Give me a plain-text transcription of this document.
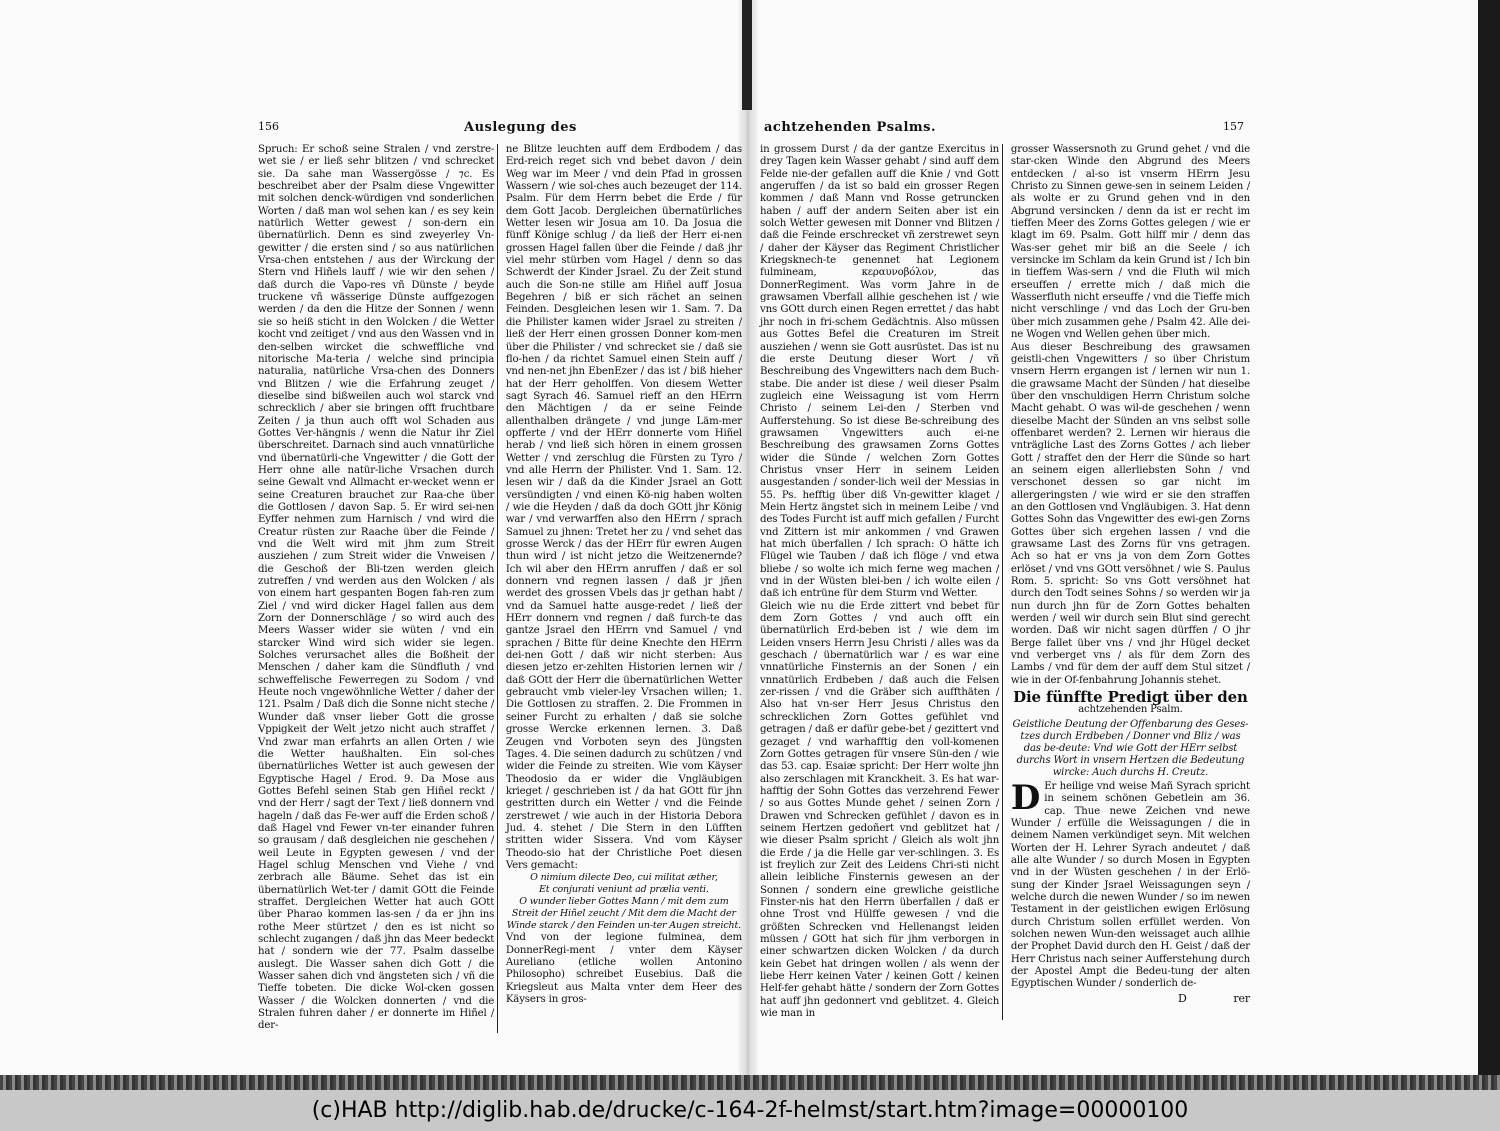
156	Auslegung des

Spruch: Er schoß seine Stralen / vnd zerstre-wet sie / er ließ sehr blitzen / vnd schrecket sie. Da sahe man Wassergösse / ⁊c. Es beschreibet aber der Psalm diese Vngewitter mit solchen denck-würdigen vnd sonderlichen Worten / daß man wol sehen kan / es sey kein natürlich Wetter gewest / son-dern ein übernatürlich. Denn es sind zweyerley Vn-gewitter / die ersten sind / so aus natürlichen Vrsa-chen entstehen / aus der Wirckung der Stern vnd Hiñels lauff / wie wir den sehen / daß durch die Vapo-res vñ Dünste / beyde truckene vñ wässerige Dünste auffgezogen werden / da den die Hitze der Sonnen / wenn sie so heiß sticht in den Wolcken / die Wetter kocht vnd zeitiget / vnd aus den Wassen vnd in den-selben wircket die schweffliche vnd nitorische Ma-teria / welche sind principia naturalia, natürliche Vrsa-chen des Donners vnd Blitzen / wie die Erfahrung zeuget / dieselbe sind bißweilen auch wol starck vnd schrecklich / aber sie bringen offt fruchtbare Zeiten / ja thun auch offt wol Schaden aus Gottes Ver-hängnis / wenn die Natur ihr Ziel überschreitet. Darnach sind auch vnnatürliche vnd übernatürli-che Vngewitter / die Gott der Herr ohne alle natür-liche Vrsachen durch seine Gewalt vnd Allmacht er-wecket wenn er seine Creaturen brauchet zur Raa-che über die Gottlosen / davon Sap. 5. Er wird sei-nen Eyffer nehmen zum Harnisch / vnd wird die Creatur rüsten zur Raache über die Feinde / vnd die Welt wird mit jhm zum Streit ausziehen / zum Streit wider die Vnweisen / die Geschoß der Bli-tzen werden gleich zutreffen / vnd werden aus den Wolcken / als von einem hart gespanten Bogen fah-ren zum Ziel / vnd wird dicker Hagel fallen aus dem Zorn der Donnerschläge / so wird auch des Meers Wasser wider sie wüten / vnd ein starcker Wind wird sich wider sie legen. Solches verursachet alles die Boßheit der Menschen / daher kam die Sündfluth / vnd schweffelische Fewerregen zu Sodom / vnd Heute noch vngewöhnliche Wetter / daher der 121. Psalm / Daß dich die Sonne nicht steche / Wunder daß vnser lieber Gott die grosse Vppigkeit der Welt jetzo nicht auch straffet / Vnd zwar man erfahrts an allen Orten / wie die Wetter haußhalten. Ein sol-ches übernatürliches Wetter ist auch gewesen der Egyptische Hagel / Erod. 9. Da Mose aus Gottes Befehl seinen Stab gen Hiñel reckt / vnd der Herr / sagt der Text / ließ donnern vnd hageln / daß das Fe-wer auff die Erden schoß / daß Hagel vnd Fewer vn-ter einander fuhren so grausam / daß desgleichen nie geschehen / weil Leute in Egypten gewesen / vnd der Hagel schlug Menschen vnd Viehe / vnd zerbrach alle Bäume. Sehet das ist ein übernatürlich Wet-ter / damit GOtt die Feinde straffet. Dergleichen Wetter hat auch GOtt über Pharao kommen las-sen / da er jhn ins rothe Meer stürtzet / den es ist nicht so schlecht zugangen / daß jhn das Meer bedeckt hat / sondern wie der 77. Psalm dasselbe auslegt. Die Wasser sahen dich Gott / die Wasser sahen dich vnd ängsteten sich / vñ die Tieffe tobeten. Die dicke Wol-cken gossen Wasser / die Wolcken donnerten / vnd die Stralen fuhren daher / er donnerte im Hiñel / der-

ne Blitze leuchten auff dem Erdbodem / das Erd-reich reget sich vnd bebet davon / dein Weg war im Meer / vnd dein Pfad in grossen Wassern / wie sol-ches auch bezeuget der 114. Psalm. Für dem Herrn bebet die Erde / für dem Gott Jacob. Dergleichen übernatürliches Wetter lesen wir Josua am 10. Da Josua die fünff Könige schlug / da ließ der Herr ei-nen grossen Hagel fallen über die Feinde / daß jhr viel mehr stürben vom Hagel / denn so das Schwerdt der Kinder Jsrael. Zu der Zeit stund auch die Son-ne stille am Hiñel auff Josua Begehren / biß er sich rächet an seinen Feinden. Desgleichen lesen wir 1. Sam. 7. Da die Philister kamen wider Jsrael zu streiten / ließ der Herr einen grossen Donner kom-men über die Philister / vnd schrecket sie / daß sie flo-hen / da richtet Samuel einen Stein auff / vnd nen-net jhn EbenEzer / das ist / biß hieher hat der Herr geholffen. Von diesem Wetter sagt Syrach 46. Samuel rieff an den HErrn den Mächtigen / da er seine Feinde allenthalben drängete / vnd junge Läm-mer opfferte / vnd der HErr donnerte vom Hiñel herab / vnd ließ sich hören in einem grossen Wetter / vnd zerschlug die Fürsten zu Tyro / vnd alle Herrn der Philister. Vnd 1. Sam. 12. lesen wir / daß da die Kinder Jsrael an Gott versündigten / vnd einen Kö-nig haben wolten / wie die Heyden / daß da doch GOtt jhr König war / vnd verwarffen also den HErrn / sprach Samuel zu jhnen: Tretet her zu / vnd sehet das grosse Werck / das der HErr für ewren Augen thun wird / ist nicht jetzo die Weitzenernde? Ich wil aber den HErrn anruffen / daß er sol donnern vnd regnen lassen / daß jr jñen werdet des grossen Vbels das jr gethan habt / vnd da Samuel hatte ausge-redet / ließ der HErr donnern vnd regnen / daß furch-te das gantze Jsrael den HErrn vnd Samuel / vnd sprachen / Bitte für deine Knechte den HErrn dei-nen Gott / daß wir nicht sterben: Aus diesen jetzo er-zehlten Historien lernen wir / daß GOtt der Herr die übernatürlichen Wetter gebraucht vmb vieler-ley Vrsachen willen; 1. Die Gottlosen zu straffen. 2. Die Frommen in seiner Furcht zu erhalten / daß sie solche grosse Wercke erkennen lernen. 3. Daß Zeugen vnd Vorboten seyn des Jüngsten Tages. 4. Die seinen dadurch zu schützen / vnd wider die Feinde zu streiten. Wie vom Käyser Theodosio da er wider die Vngläubigen krieget / geschrieben ist / da hat GOtt für jhn gestritten durch ein Wetter / vnd die Feinde zerstrewet / wie auch in der Historia Debora Jud. 4. stehet / Die Stern in den Lüfften stritten wider Sissera. Vnd vom Käyser Theodo-sio hat der Christliche Poet diesen Vers gemacht:

O nimium dilecte Deo, cui militat æther,
Et conjurati veniunt ad prælia venti.
O wunder lieber Gottes Mann / mit dem zum Streit der Hiñel zeucht / Mit dem die Macht der Winde starck / den Feinden un-ter Augen streicht.

Vnd von der legione fulminea, dem DonnerRegi-ment / vnter dem Käyser Aureliano (etliche wollen Antonino Philosopho) schreibet Eusebius. Daß die Kriegsleut aus Malta vnter dem Heer des Käysers in gros-

achtzehenden Psalms.	157

in grossem Durst / da der gantze Exercitus in drey Tagen kein Wasser gehabt / sind auff dem Felde nie-der gefallen auff die Knie / vnd Gott angeruffen / da ist so bald ein grosser Regen kommen / daß Mann vnd Rosse getruncken haben / auff der andern Seiten aber ist ein solch Wetter gewesen mit Donner vnd Blitzen / daß die Feinde erschrecket vñ zerstrewet seyn / daher der Käyser das Regiment Christlicher Kriegsknech-te genennet hat Legionem fulmineam, κεραυνοβόλον, das DonnerRegiment. Was vorm Jahre in de grawsamen Vberfall allhie geschehen ist / wie vns GOtt durch einen Regen errettet / das habt jhr noch in fri-schem Gedächtnis. Also müssen aus Gottes Befel die Creaturen im Streit ausziehen / wenn sie Gott ausrüstet. Das ist nu die erste Deutung dieser Wort / vñ Beschreibung des Vngewitters nach dem Buch-stabe. Die ander ist diese / weil dieser Psalm zugleich eine Weissagung ist vom Herrn Christo / seinem Lei-den / Sterben vnd Aufferstehung. So ist diese Be-schreibung des grawsamen Vngewitters auch ei-ne Beschreibung des grawsamen Zorns Gottes wider die Sünde / welchen Zorn Gottes Christus vnser Herr in seinem Leiden ausgestanden / sonder-lich weil der Messias in 55. Ps. hefftig über diß Vn-gewitter klaget / Mein Hertz ängstet sich in meinem Leibe / vnd des Todes Furcht ist auff mich gefallen / Furcht vnd Zittern ist mir ankommen / vnd Grawen hat mich überfallen / Ich sprach: O hätte ich Flügel wie Tauben / daß ich flöge / vnd etwa bliebe / so wolte ich mich ferne weg machen / vnd in der Wüsten blei-ben / ich wolte eilen / daß ich entrüne für dem Sturm vnd Wetter.

Gleich wie nu die Erde zittert vnd bebet für dem Zorn Gottes / vnd auch offt ein übernatürlich Erd-beben ist / wie dem im Leiden vnsers Herrn Jesu Christi / alles was da geschach / übernatürlich war / es war eine vnnatürliche Finsternis an der Sonen / ein vnnatürlich Erdbeben / daß auch die Felsen zer-rissen / vnd die Gräber sich auffthäten / Also hat vn-ser Herr Jesus Christus den schrecklichen Zorn Gottes gefühlet vnd getragen / daß er dafür gebe-bet / gezittert vnd gezaget / vnd warhafftig den voll-komenen Zorn Gottes getragen für vnsere Sün-den / wie das 53. cap. Esaiæ spricht: Der Herr wolte jhn also zerschlagen mit Kranckheit. 3. Es hat war-hafftig der Sohn Gottes das verzehrend Fewer / so aus Gottes Munde gehet / seinen Zorn / Drawen vnd Schrecken gefühlet / davon es in seinem Hertzen gedoñert vnd geblitzet hat / wie dieser Psalm spricht / Gleich als wolt jhn die Erde / ja die Helle gar ver-schlingen. 3. Es ist freylich zur Zeit des Leidens Chri-sti nicht allein leibliche Finsternis gewesen an der Sonnen / sondern eine grewliche geistliche Finster-nis hat den Herrn überfallen / daß er ohne Trost vnd Hülffe gewesen / vnd die größten Schrecken vnd Hellenangst leiden müssen / GOtt hat sich für jhm verborgen in einer schwartzen dicken Wolcken / da durch kein Gebet hat dringen wollen / als wenn der liebe Herr keinen Vater / keinen Gott / keinen Helf-fer gehabt hätte / sondern der Zorn Gottes hat auff jhn gedonnert vnd geblitzet. 4. Gleich wie man in

grosser Wassersnoth zu Grund gehet / vnd die star-cken Winde den Abgrund des Meers entdecken / al-so ist vnserm HErrn Jesu Christo zu Sinnen gewe-sen in seinem Leiden / als wolte er zu Grund gehen vnd in den Abgrund versincken / denn da ist er recht im tieffen Meer des Zorns Gottes gelegen / wie er klagt im 69. Psalm. Gott hilff mir / denn das Was-ser gehet mir biß an die Seele / ich versincke im Schlam da kein Grund ist / Ich bin in tieffem Was-sern / vnd die Fluth wil mich erseuffen / errette mich / daß mich die Wasserfluth nicht erseuffe / vnd die Tieffe mich nicht verschlinge / vnd das Loch der Gru-ben über mich zusammen gehe / Psalm 42. Alle dei-ne Wogen vnd Wellen gehen über mich.

Aus dieser Beschreibung des grawsamen geistli-chen Vngewitters / so über Christum vnsern Herrn ergangen ist / lernen wir nun 1. die grawsame Macht der Sünden / hat dieselbe über den vnschuldigen Herrn Christum solche Macht gehabt. O was wil-de geschehen / wenn dieselbe Macht der Sünden an vns selbst solle offenbaret werden? 2. Lernen wir hieraus die vnträgliche Last des Zorns Gottes / ach lieber Gott / straffet den der Herr die Sünde so hart an seinem eigen allerliebsten Sohn / vnd verschonet dessen so gar nicht im allergeringsten / wie wird er sie den straffen an den Gottlosen vnd Vngläubigen. 3. Hat denn Gottes Sohn das Vngewitter des ewi-gen Zorns Gottes über sich ergehen lassen / vnd die grawsame Last des Zorns für vns getragen. Ach so hat er vns ja von dem Zorn Gottes erlöset / vnd vns GOtt versöhnet / wie S. Paulus Rom. 5. spricht: So vns Gott versöhnet hat durch den Todt seines Sohns / so werden wir ja nun durch jhn für de Zorn Gottes behalten werden / weil wir durch sein Blut sind gerecht worden. Daß wir nicht sagen dürffen / O jhr Berge fallet über vns / vnd jhr Hügel decket vnd verberget vns / als für dem Zorn des Lambs / vnd für dem der auff dem Stul sitzet / wie in der Of-fenbahrung Johannis stehet.

Die fünffte Predigt über den
achtzehenden Psalm.
Geistliche Deutung der Offenbarung des Geses-tzes durch Erdbeben / Donner vnd Bliz / was das be-deute: Vnd wie Gott der HErr selbst durchs Wort in vnsern Hertzen die Bedeutung wircke: Auch durchs H. Creutz.

D Er heilige vnd weise Mañ Syrach spricht in seinem schönen Gebetlein am 36. cap. Thue newe Zeichen vnd newe Wunder / erfülle die Weissagungen / die in deinem Namen verkündiget seyn. Mit welchen Worten der H. Lehrer Syrach andeutet / daß alle alte Wunder / so durch Mosen in Egypten vnd in der Wüsten geschehen / in der Erlö-sung der Kinder Jsrael Weissagungen seyn / welche durch die newen Wunder / so im newen Testament in der geistlichen ewigen Erlösung durch Christum sollen erfüllet werden. Von solchen newen Wun-den weissaget auch allhie der Prophet David durch den H. Geist / daß der Herr Christus nach seiner Aufferstehung durch der Apostel Ampt die Bedeu-tung der alten Egyptischen Wunder / sonderlich de-

D	rer
(c)HAB http://diglib.hab.de/drucke/c-164-2f-helmst/start.htm?image=00000100
